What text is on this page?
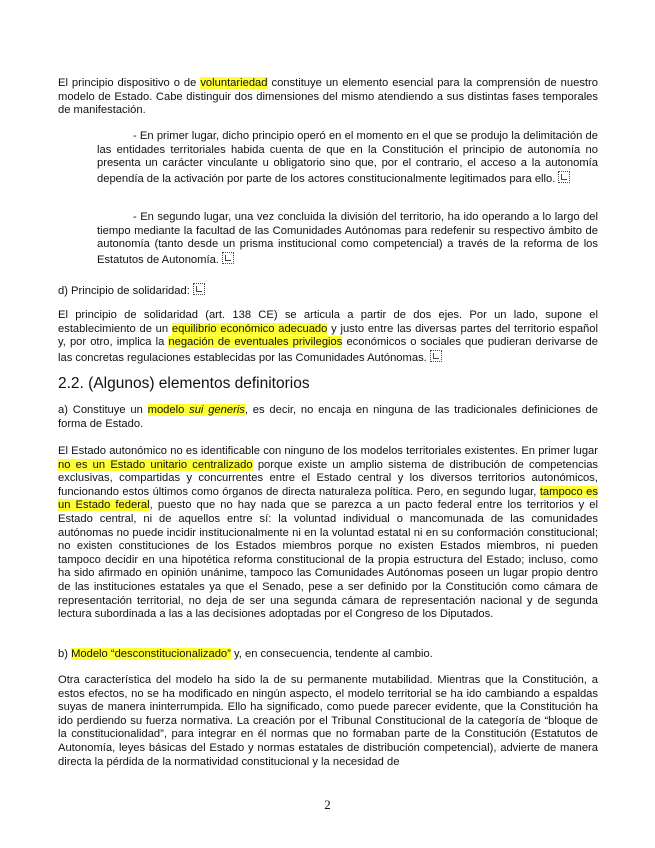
El principio dispositivo o de voluntariedad constituye un elemento esencial para la comprensión de nuestro modelo de Estado. Cabe distinguir dos dimensiones del mismo atendiendo a sus distintas fases temporales de manifestación.

- En primer lugar, dicho principio operó en el momento en el que se produjo la delimitación de las entidades territoriales habida cuenta de que en la Constitución el principio de autonomía no presenta un carácter vinculante u obligatorio sino que, por el contrario, el acceso a la autonomía dependía de la activación por parte de los actores constitucionalmente legitimados para ello.

- En segundo lugar, una vez concluida la división del territorio, ha ido operando a lo largo del tiempo mediante la facultad de las Comunidades Autónomas para redefenir su respectivo ámbito de autonomía (tanto desde un prisma institucional como competencial) a través de la reforma de los Estatutos de Autonomía.

d) Principio de solidaridad:

El principio de solidaridad (art. 138 CE) se articula a partir de dos ejes. Por un lado, supone el establecimiento de un equilibrio económico adecuado y justo entre las diversas partes del territorio español y, por otro, implica la negación de eventuales privilegios económicos o sociales que pudieran derivarse de las concretas regulaciones establecidas por las Comunidades Autónomas.

2.2. (Algunos) elementos definitorios

a) Constituye un modelo sui generis, es decir, no encaja en ninguna de las tradicionales definiciones de forma de Estado.

El Estado autonómico no es identificable con ninguno de los modelos territoriales existentes. En primer lugar no es un Estado unitario centralizado porque existe un amplio sistema de distribución de competencias exclusivas, compartidas y concurrentes entre el Estado central y los diversos territorios autonómicos, funcionando estos últimos como órganos de directa naturaleza política. Pero, en segundo lugar, tampoco es un Estado federal, puesto que no hay nada que se parezca a un pacto federal entre los territorios y el Estado central, ni de aquellos entre sí: la voluntad individual o mancomunada de las comunidades autónomas no puede incidir institucionalmente ni en la voluntad estatal ni en su conformación constitucional; no existen constituciones de los Estados miembros porque no existen Estados miembros, ni pueden tampoco decidir en una hipotética reforma constitucional de la propia estructura del Estado; incluso, como ha sido afirmado en opinión unánime, tampoco las Comunidades Autónomas poseen un lugar propio dentro de las instituciones estatales ya que el Senado, pese a ser definido por la Constitución como cámara de representación territorial, no deja de ser una segunda cámara de representación nacional y de segunda lectura subordinada a las a las decisiones adoptadas por el Congreso de los Diputados.

b) Modelo “desconstitucionalizado” y, en consecuencia, tendente al cambio.

Otra característica del modelo ha sido la de su permanente mutabilidad. Mientras que la Constitución, a estos efectos, no se ha modificado en ningún aspecto, el modelo territorial se ha ido cambiando a espaldas suyas de manera ininterrumpida. Ello ha significado, como puede parecer evidente, que la Constitución ha ido perdiendo su fuerza normativa. La creación por el Tribunal Constitucional de la categoría de “bloque de la constitucionalidad”, para integrar en él normas que no formaban parte de la Constitución (Estatutos de Autonomía, leyes básicas del Estado y normas estatales de distribución competencial), advierte de manera directa la pérdida de la normatividad constitucional y la necesidad de

2
